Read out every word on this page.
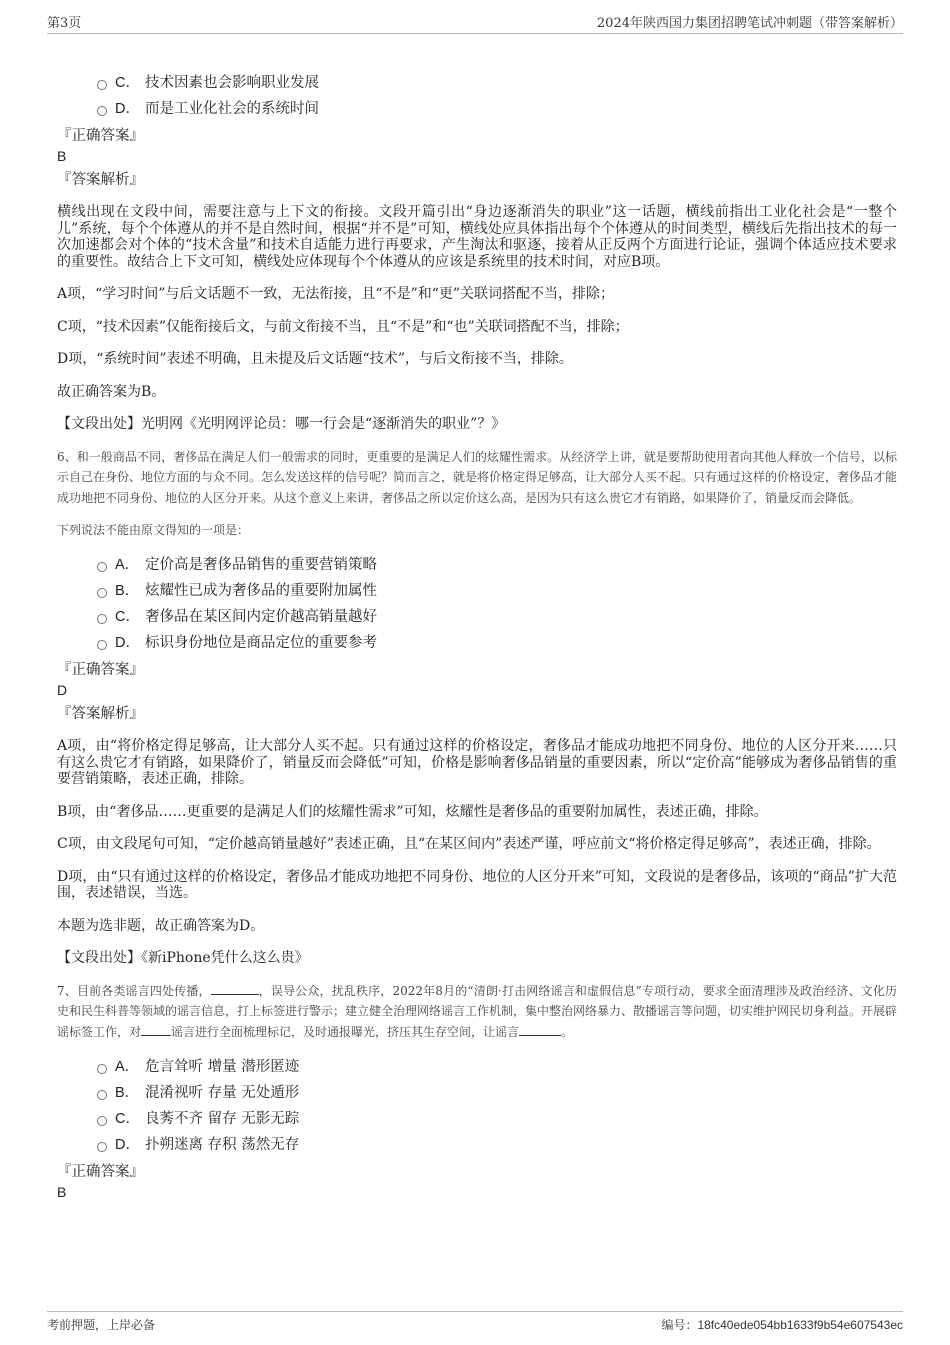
第3页	2024年陕西国力集团招聘笔试冲刺题（带答案解析）
C． 技术因素也会影响职业发展
D． 而是工业化社会的系统时间
『正确答案』
B
『答案解析』
横线出现在文段中间，需要注意与上下文的衔接。文段开篇引出“身边逐渐消失的职业”这一话题，横线前指出工业化社会是“一整个儿”系统，每个个体遵从的并不是自然时间，根据“并不是”可知，横线处应具体指出每个个体遵从的时间类型，横线后先指出技术的每一次加速都会对个体的“技术含量”和技术自适能力进行再要求，产生淘汰和驱逐，接着从正反两个方面进行论证，强调个体适应技术要求的重要性。故结合上下文可知，横线处应体现每个个体遵从的应该是系统里的技术时间，对应B项。
A项，“学习时间”与后文话题不一致，无法衔接，且“不是”和“更”关联词搭配不当，排除；
C项，“技术因素”仅能衔接后文，与前文衔接不当，且“不是”和“也”关联词搭配不当，排除；
D项，“系统时间”表述不明确，且未提及后文话题“技术”，与后文衔接不当，排除。
故正确答案为B。
【文段出处】光明网《光明网评论员：哪一行会是“逐渐消失的职业”？》
6、和一般商品不同，奢侈品在满足人们一般需求的同时，更重要的是满足人们的炫耀性需求。从经济学上讲，就是要帮助使用者向其他人释放一个信号，以标示自己在身份、地位方面的与众不同。怎么发送这样的信号呢？简而言之，就是将价格定得足够高，让大部分人买不起。只有通过这样的价格设定，奢侈品才能成功地把不同身份、地位的人区分开来。从这个意义上来讲，奢侈品之所以定价这么高，是因为只有这么贵它才有销路，如果降价了，销量反而会降低。
下列说法不能由原文得知的一项是：
A． 定价高是奢侈品销售的重要营销策略
B． 炫耀性已成为奢侈品的重要附加属性
C． 奢侈品在某区间内定价越高销量越好
D． 标识身份地位是商品定位的重要参考
『正确答案』
D
『答案解析』
A项，由“将价格定得足够高，让大部分人买不起。只有通过这样的价格设定，奢侈品才能成功地把不同身份、地位的人区分开来……只有这么贵它才有销路，如果降价了，销量反而会降低”可知，价格是影响奢侈品销量的重要因素，所以“定价高”能够成为奢侈品销售的重要营销策略，表述正确，排除。
B项，由“奢侈品……更重要的是满足人们的炫耀性需求”可知，炫耀性是奢侈品的重要附加属性，表述正确，排除。
C项，由文段尾句可知，“定价越高销量越好”表述正确，且“在某区间内”表述严谨，呼应前文“将价格定得足够高”，表述正确，排除。
D项，由“只有通过这样的价格设定，奢侈品才能成功地把不同身份、地位的人区分开来”可知，文段说的是奢侈品，该项的“商品”扩大范围，表述错误，当选。
本题为选非题，故正确答案为D。
【文段出处】《新iPhone凭什么这么贵》
7、目前各类谣言四处传播，	，误导公众，扰乱秩序，2022年8月的“清朗·打击网络谣言和虚假信息”专项行动，要求全面清理涉及政治经济、文化历史和民生科普等领域的谣言信息，打上标签进行警示；建立健全治理网络谣言工作机制，集中整治网络暴力、散播谣言等问题，切实维护网民切身利益。开展辟谣标签工作，对	谣言进行全面梳理标记，及时通报曝光，挤压其生存空间，让谣言	。
A． 危言耸听 增量 潜形匿迹
B． 混淆视听 存量 无处遁形
C． 良莠不齐 留存 无影无踪
D． 扑朔迷离 存积 荡然无存
『正确答案』
B
考前押题，上岸必备	编号：18fc40ede054bb1633f9b54e607543ec
